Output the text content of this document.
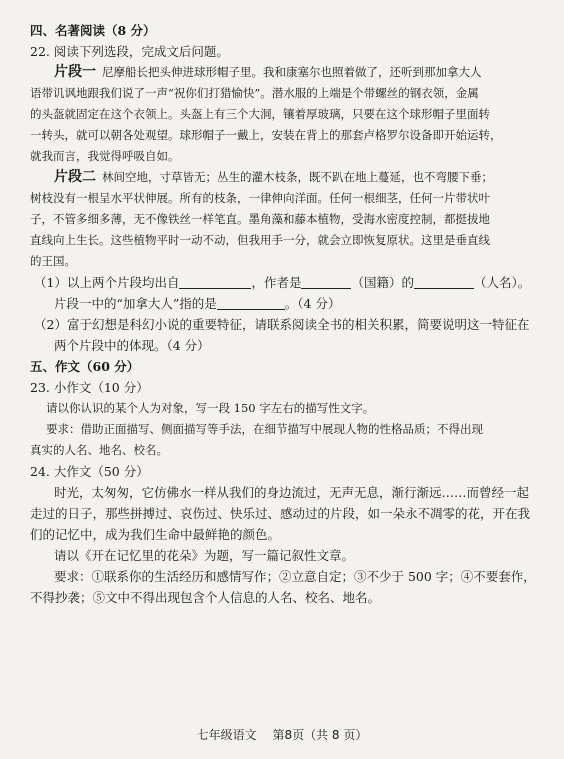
四、名著阅读（8 分）
22. 阅读下列选段，完成文后问题。
片段一 尼摩船长把头伸进球形帽子里。我和康塞尔也照着做了，还听到那加拿大人
语带讥讽地跟我们说了一声“祝你们打猎愉快”。潜水服的上端是个带螺丝的钢衣领，金属
的头盔就固定在这个衣领上。头盔上有三个大洞，镶着厚玻璃，只要在这个球形帽子里面转
一转头，就可以朝各处观望。球形帽子一戴上，安装在背上的那套卢格罗尔设备即开始运转，
就我而言，我觉得呼吸自如。
片段二 林间空地，寸草皆无；丛生的灌木枝条，既不趴在地上蔓延，也不弯腰下垂；
树枝没有一根呈水平状伸展。所有的枝条，一律伸向洋面。任何一根细茎，任何一片带状叶
子，不管多细多薄，无不像铁丝一样笔直。墨角藻和藤本植物，受海水密度控制，都挺拔地
直线向上生长。这些植物平时一动不动，但我用手一分，就会立即恢复原状。这里是垂直线
的王国。
（1）以上两个片段均出自	，作者是	（国籍）的	（人名）。
片段一中的“加拿大人”指的是	。（4 分）
（2）富于幻想是科幻小说的重要特征，请联系阅读全书的相关积累，简要说明这一特征在
两个片段中的体现。（4 分）
五、作文（60 分）
23. 小作文（10 分）
请以你认识的某个人为对象，写一段 150 字左右的描写性文字。
要求：借助正面描写、侧面描写等手法，在细节描写中展现人物的性格品质；不得出现
真实的人名、地名、校名。
24. 大作文（50 分）
时光，太匆匆，它仿佛水一样从我们的身边流过，无声无息，渐行渐远……而曾经一起
走过的日子，那些拼搏过、哀伤过、快乐过、感动过的片段，如一朵永不凋零的花，开在我
们的记忆中，成为我们生命中最鲜艳的颜色。
请以《开在记忆里的花朵》为题，写一篇记叙性文章。
要求：①联系你的生活经历和感情写作；②立意自定；③不少于 500 字；④不要套作，
不得抄袭；⑤文中不得出现包含个人信息的人名、校名、地名。
七年级语文 第8页（共 8 页）
